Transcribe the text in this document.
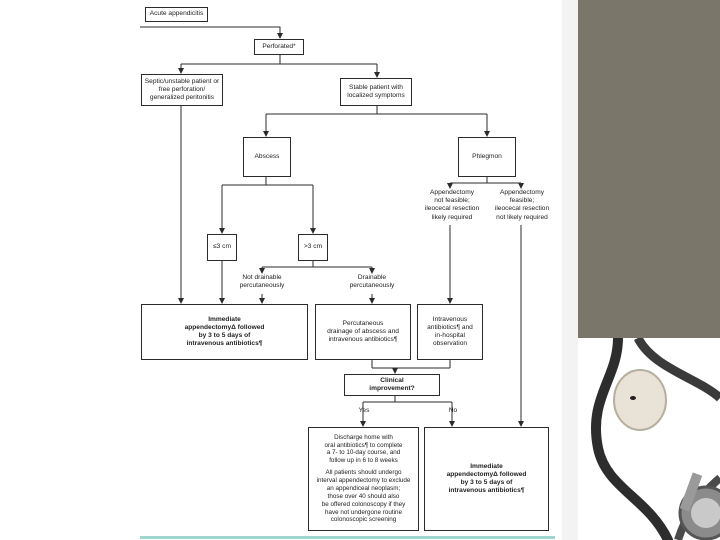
Acute appendicitis
Perforated*
Septic/unstable patient or
free perforation/
generalized peritonitis
Stable patient with
localized symptoms
Abscess	Phlegmon
Appendectomy
not feasible;
ileocecal resection
likely required
Appendectomy
feasible;
ileocecal resection
not likely required
≤3 cm	>3 cm
Not drainable
percutaneously
Drainable
percutaneously
Immediate
appendectomyΔ followed
by 3 to 5 days of
intravenous antibiotics¶
Percutaneous
drainage of abscess and
intravenous antibiotics¶
Intravenous
antibiotics¶ and
in-hospital
observation
Clinical
improvement?
Yes	No
Discharge home with
oral antibiotics¶ to complete
a 7- to 10-day course, and
follow up in 6 to 8 weeks
All patients should undergo
interval appendectomy to exclude
an appendiceal neoplasm;
those over 40 should also
be offered colonoscopy if they
have not undergone routine
colonoscopic screening
Immediate
appendectomyΔ followed
by 3 to 5 days of
intravenous antibiotics¶
